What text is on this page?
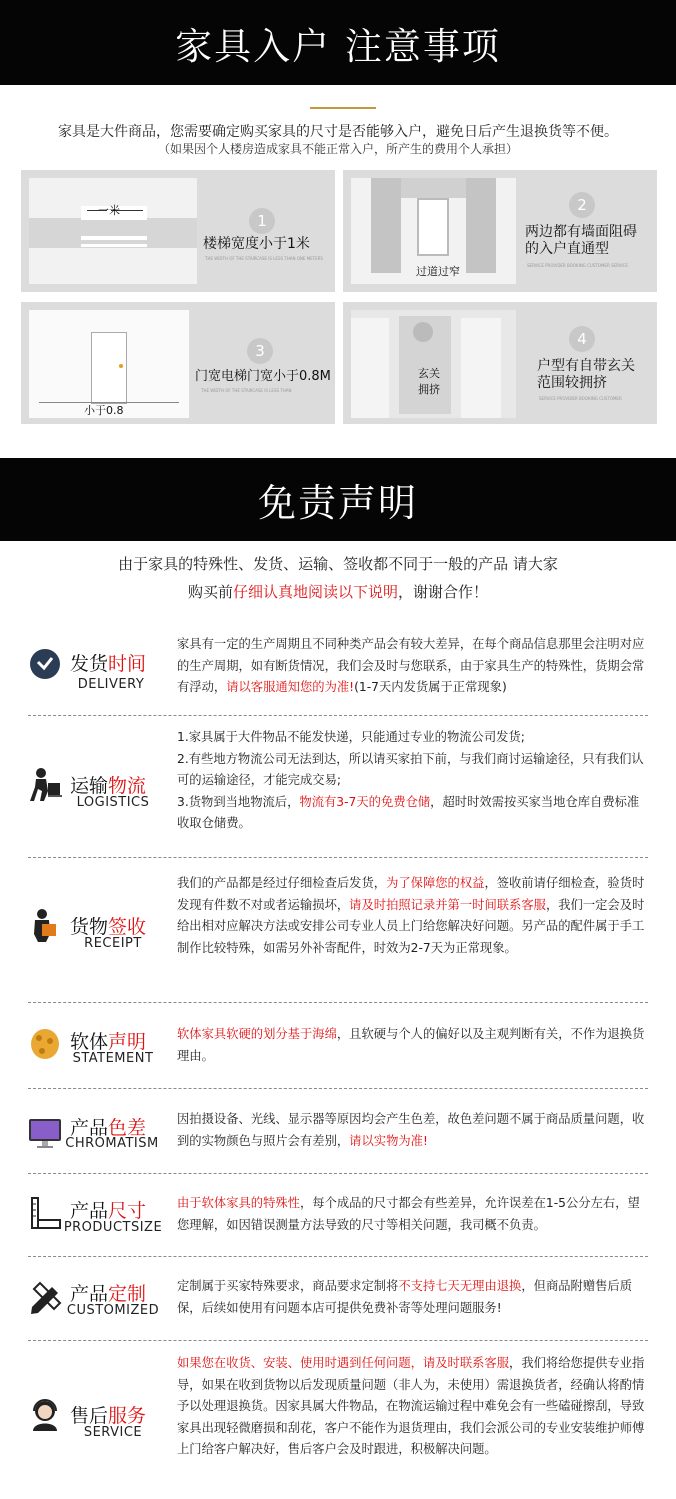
家具入户 注意事项
家具是大件商品，您需要确定购买家具的尺寸是否能够入户，避免日后产生退换货等不便。
（如果因个人楼房造成家具不能正常入户，所产生的费用个人承担）
一米
1
楼梯宽度小于1米
THE WIDTH OF THE STAIRCASE IS LESS THAN ONE METERS
过道过窄
2
两边都有墙面阻碍的入户直通型
SERVICE PROVIDER BOOKING CUSTOMER SERVICE
小于0.8
3
门宽电梯门宽小于0.8M
THE WIDTH OF THE STAIRCASE IS LESS THAN
玄关拥挤
4
户型有自带玄关范围较拥挤
SERVICE PROVIDER BOOKING CUSTOMER
免责声明
由于家具的特殊性、发货、运输、签收都不同于一般的产品 请大家
购买前仔细认真地阅读以下说明，谢谢合作！
发货时间
DELIVERY
家具有一定的生产周期且不同种类产品会有较大差异，在每个商品信息那里会注明对应的生产周期，如有断货情况，我们会及时与您联系，由于家具生产的特殊性，货期会常有浮动，请以客服通知您的为准!(1-7天内发货属于正常现象)
运输物流
LOGISTICS
1.家具属于大件物品不能发快递，只能通过专业的物流公司发货;
2.有些地方物流公司无法到达，所以请买家拍下前，与我们商讨运输途径，只有我们认可的运输途径，才能完成交易;
3.货物到当地物流后，物流有3-7天的免费仓储，超时时效需按买家当地仓库自费标准收取仓储费。
货物签收
RECEIPT
我们的产品都是经过仔细检查后发货，为了保障您的权益，签收前请仔细检查，验货时发现有件数不对或者运输损坏，请及时拍照记录并第一时间联系客服，我们一定会及时给出相对应解决方法或安排公司专业人员上门给您解决好问题。另产品的配件属于手工制作比较特殊，如需另外补寄配件，时效为2-7天为正常现象。
软体声明
STATEMENT
软体家具软硬的划分基于海绵，且软硬与个人的偏好以及主观判断有关，不作为退换货理由。
产品色差
CHROMATISM
因拍摄设备、光线、显示器等原因均会产生色差，故色差问题不属于商品质量问题，收到的实物颜色与照片会有差别，请以实物为准!
产品尺寸
PRODUCTSIZE
由于软体家具的特殊性，每个成品的尺寸都会有些差异，允许误差在1-5公分左右，望您理解，如因错误测量方法导致的尺寸等相关问题，我司概不负责。
产品定制
CUSTOMIZED
定制属于买家特殊要求，商品要求定制将不支持七天无理由退换，但商品附赠售后质保，后续如使用有问题本店可提供免费补寄等处理问题服务!
售后服务
SERVICE
如果您在收货、安装、使用时遇到任何问题，请及时联系客服，我们将给您提供专业指导，如果在收到货物以后发现质量问题（非人为，未使用）需退换货者，经确认将酌情予以处理退换货。因家具属大件物品，在物流运输过程中难免会有一些磕碰擦刮，导致家具出现轻微磨损和刮花，客户不能作为退货理由，我们会派公司的专业安装维护师傅上门给客户解决好，售后客户会及时跟进，积极解决问题。
